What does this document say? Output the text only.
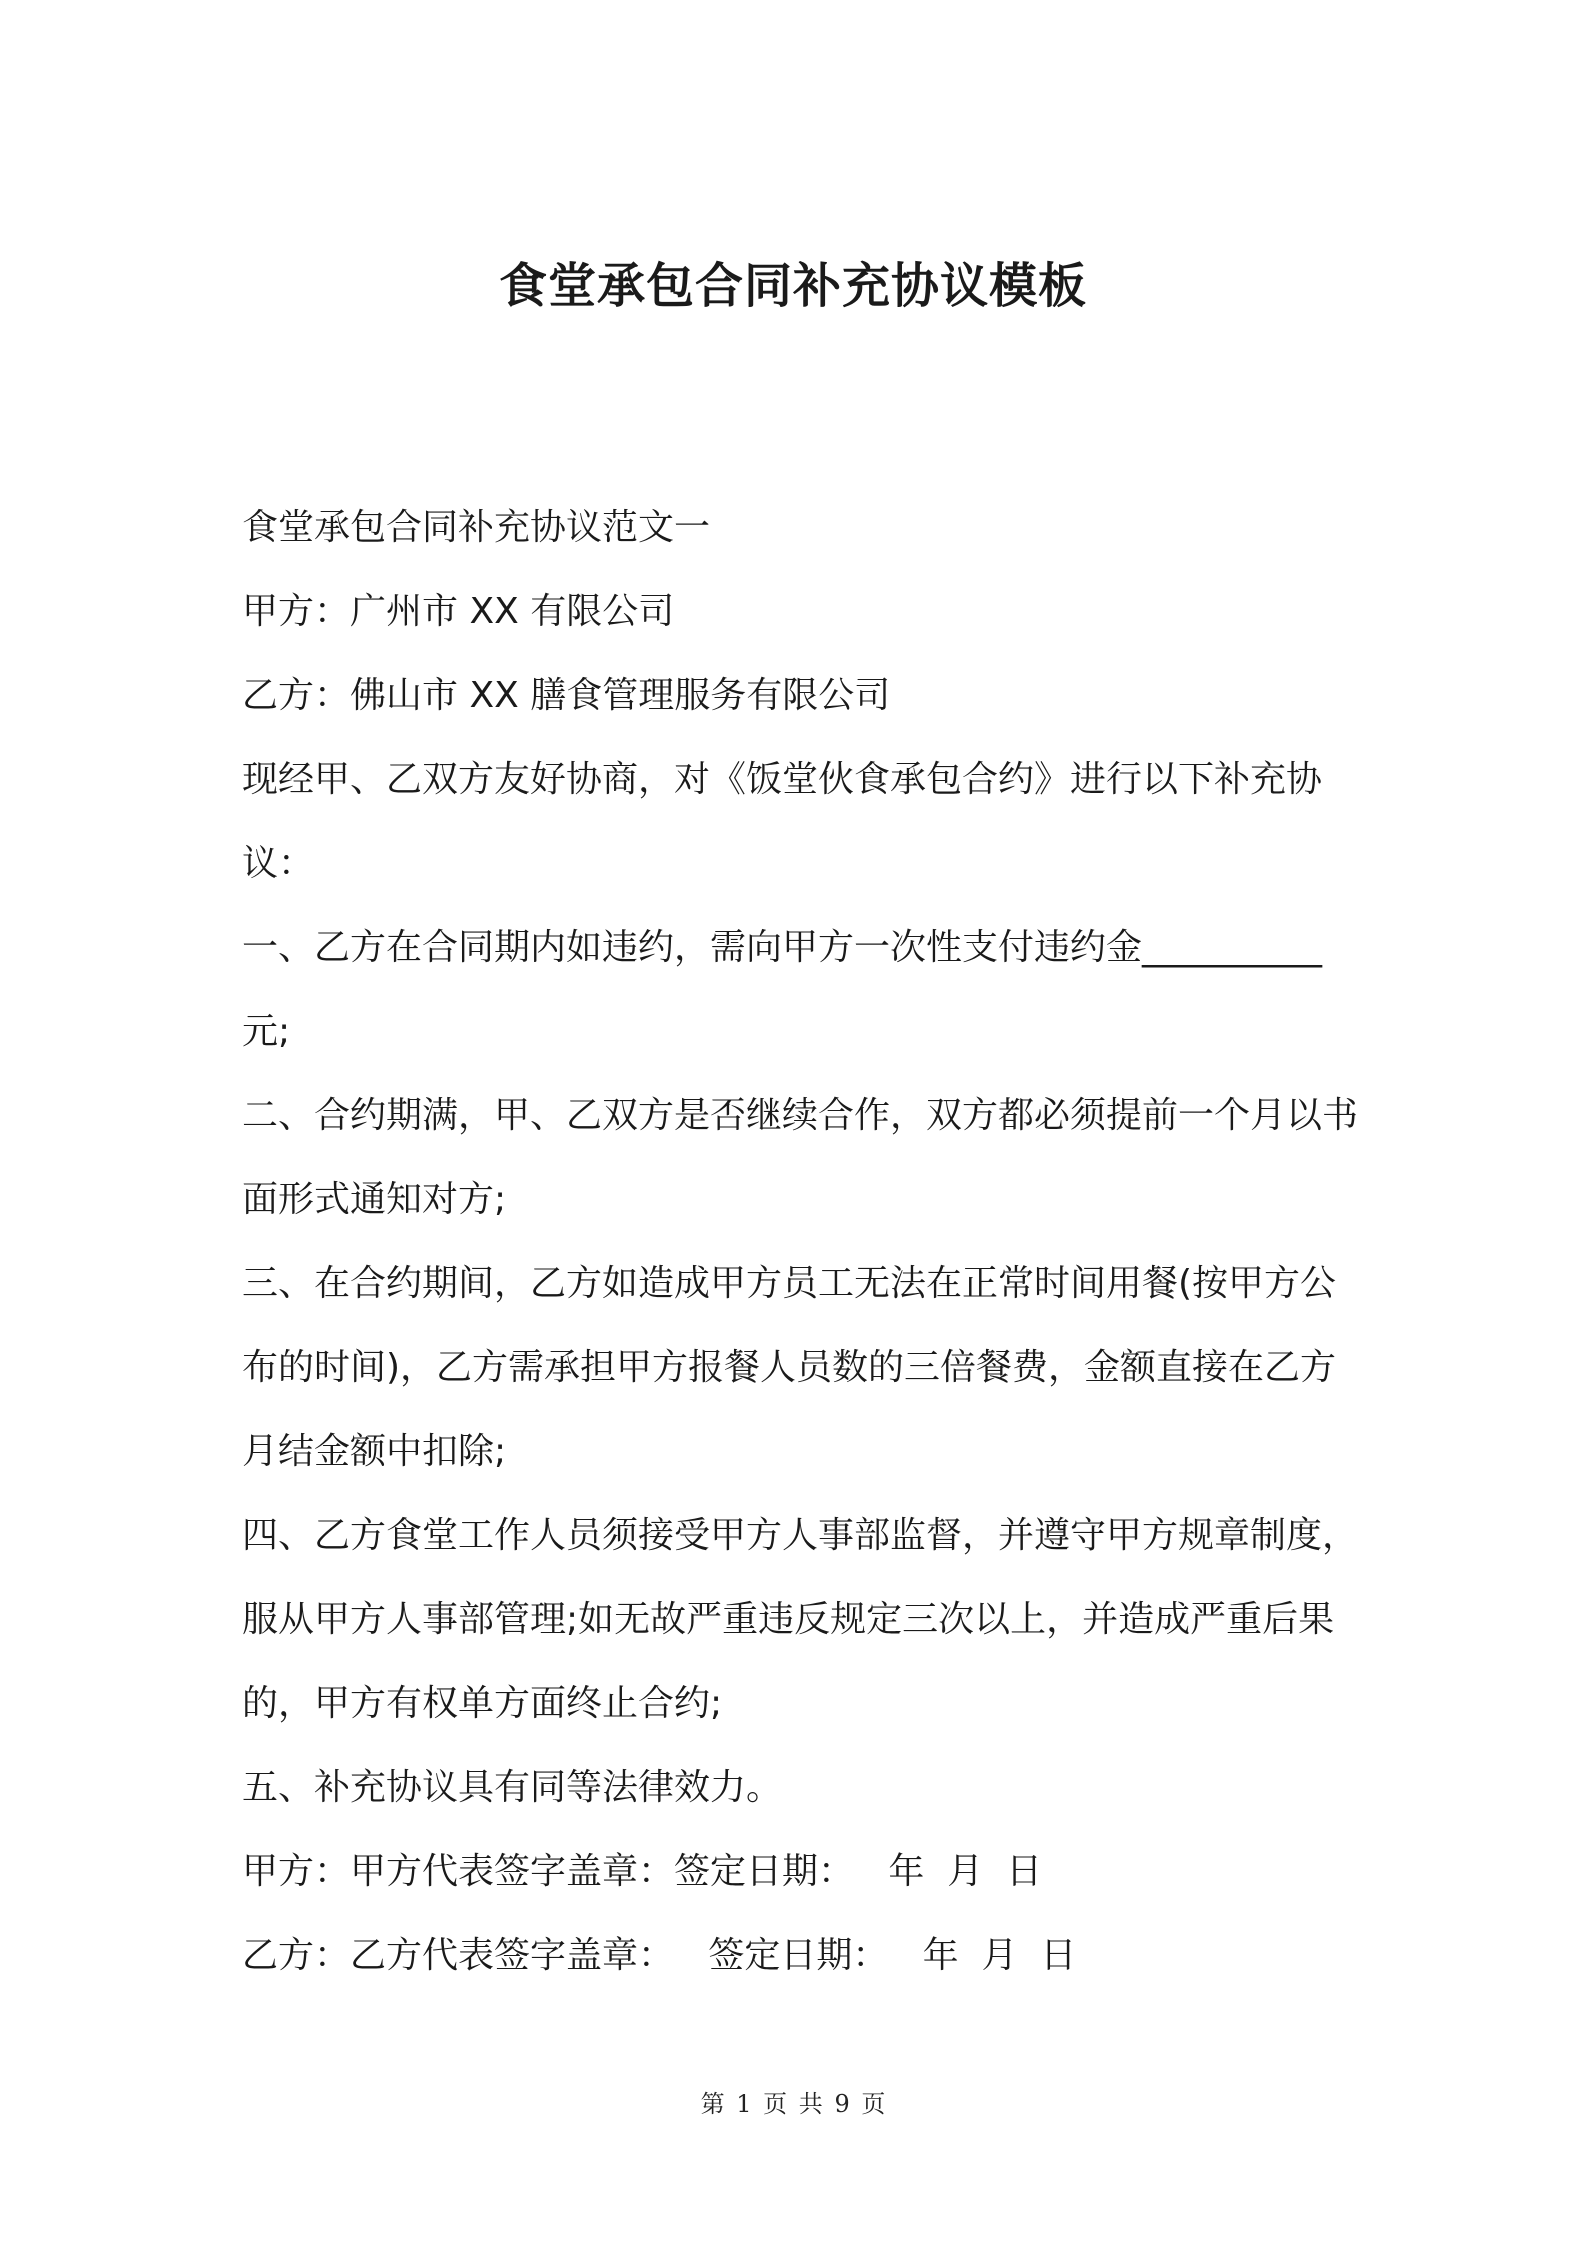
食堂承包合同补充协议模板

食堂承包合同补充协议范文一

甲方：广州市 XX 有限公司

乙方：佛山市 XX 膳食管理服务有限公司

现经甲、乙双方友好协商，对《饭堂伙食承包合约》进行以下补充协议：

一、乙方在合同期内如违约，需向甲方一次性支付违约金__________元;

二、合约期满，甲、乙双方是否继续合作，双方都必须提前一个月以书面形式通知对方;

三、在合约期间，乙方如造成甲方员工无法在正常时间用餐(按甲方公布的时间)，乙方需承担甲方报餐人员数的三倍餐费，金额直接在乙方月结金额中扣除;

四、乙方食堂工作人员须接受甲方人事部监督，并遵守甲方规章制度，服从甲方人事部管理;如无故严重违反规定三次以上，并造成严重后果的，甲方有权单方面终止合约;

五、补充协议具有同等法律效力。

甲方：甲方代表签字盖章：签定日期：   年  月  日

乙方：乙方代表签字盖章：   签定日期：   年  月  日

第 1 页 共 9 页
